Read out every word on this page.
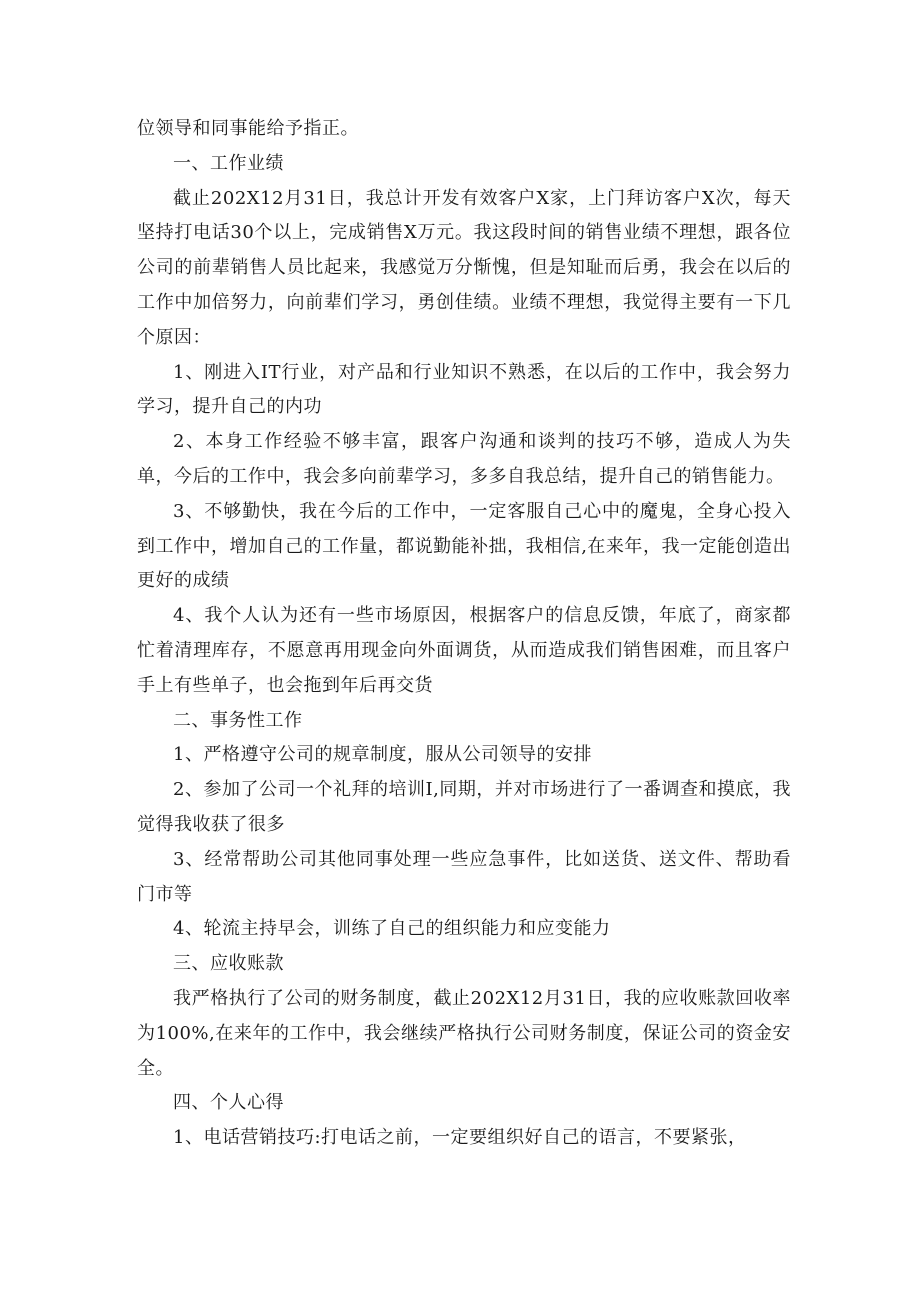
位领导和同事能给予指正。

一、工作业绩

截止202X12月31日，我总计开发有效客户X家，上门拜访客户X次，每天坚持打电话30个以上，完成销售X万元。我这段时间的销售业绩不理想，跟各位公司的前辈销售人员比起来，我感觉万分惭愧，但是知耻而后勇，我会在以后的工作中加倍努力，向前辈们学习，勇创佳绩。业绩不理想，我觉得主要有一下几个原因：

1、刚进入IT行业，对产品和行业知识不熟悉，在以后的工作中，我会努力学习，提升自己的内功

2、本身工作经验不够丰富，跟客户沟通和谈判的技巧不够，造成人为失单，今后的工作中，我会多向前辈学习，多多自我总结，提升自己的销售能力。

3、不够勤快，我在今后的工作中，一定客服自己心中的魔鬼，全身心投入到工作中，增加自己的工作量，都说勤能补拙，我相信,在来年，我一定能创造出更好的成绩

4、我个人认为还有一些市场原因，根据客户的信息反馈，年底了，商家都忙着清理库存，不愿意再用现金向外面调货，从而造成我们销售困难，而且客户手上有些单子，也会拖到年后再交货

二、事务性工作

1、严格遵守公司的规章制度，服从公司领导的安排

2、参加了公司一个礼拜的培训I,同期，并对市场进行了一番调查和摸底，我觉得我收获了很多

3、经常帮助公司其他同事处理一些应急事件，比如送货、送文件、帮助看门市等

4、轮流主持早会，训练了自己的组织能力和应变能力

三、应收账款

我严格执行了公司的财务制度，截止202X12月31日，我的应收账款回收率为100%,在来年的工作中，我会继续严格执行公司财务制度，保证公司的资金安全。

四、个人心得

1、电话营销技巧:打电话之前，一定要组织好自己的语言，不要紧张，
